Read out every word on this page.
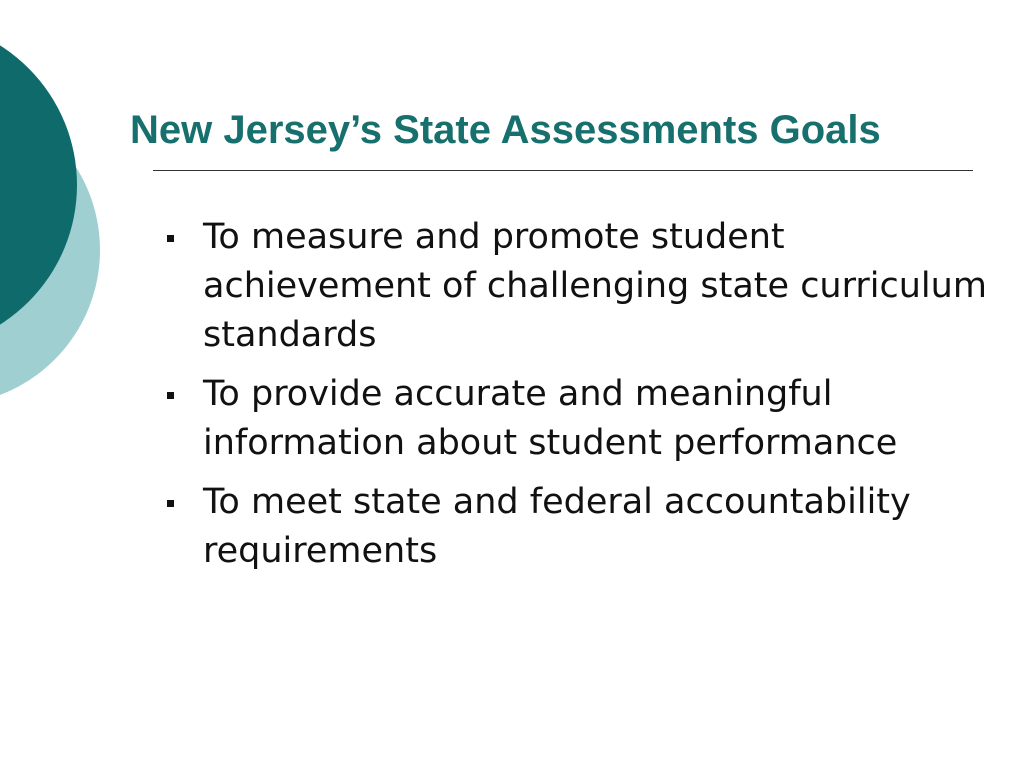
New Jersey’s State Assessments Goals
To measure and promote student achievement of challenging state curriculum standards
To provide accurate and meaningful information about student performance
To meet state and federal accountability requirements
